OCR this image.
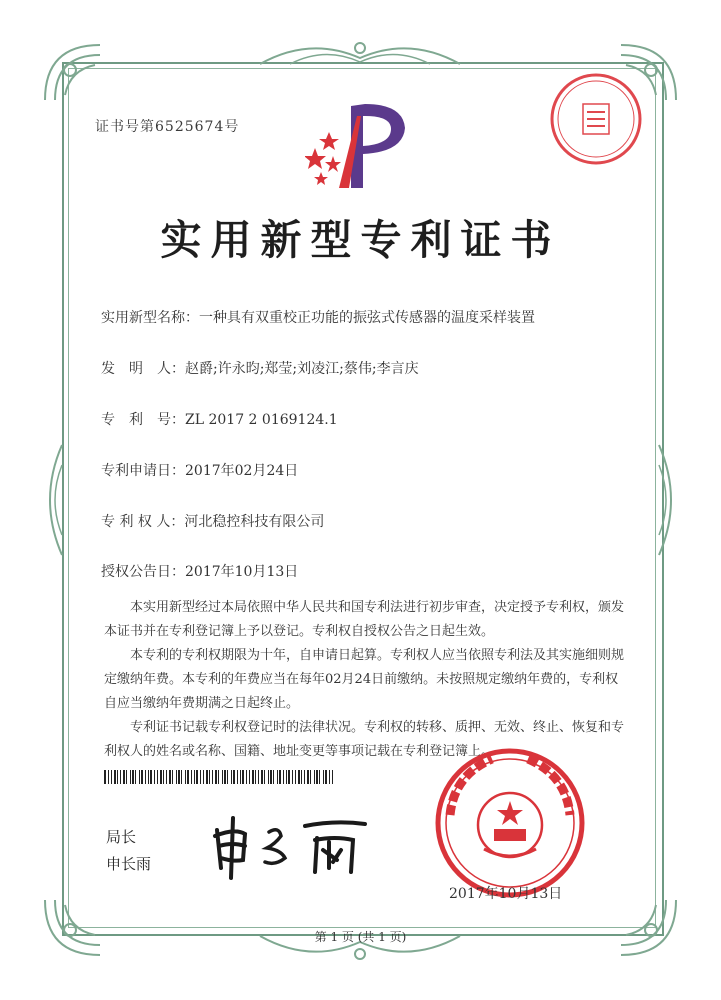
证书号第6525674号
实用新型专利证书
实用新型名称：一种具有双重校正功能的振弦式传感器的温度采样装置
发　明　人：赵爵;许永昀;郑莹;刘凌江;蔡伟;李言庆
专　利　号：ZL 2017 2 0169124.1
专利申请日：2017年02月24日
专 利 权 人：河北稳控科技有限公司
授权公告日：2017年10月13日

本实用新型经过本局依照中华人民共和国专利法进行初步审查，决定授予专利权，颁发本证书并在专利登记簿上予以登记。专利权自授权公告之日起生效。

本专利的专利权期限为十年，自申请日起算。专利权人应当依照专利法及其实施细则规定缴纳年费。本专利的年费应当在每年02月24日前缴纳。未按照规定缴纳年费的，专利权自应当缴纳年费期满之日起终止。

专利证书记载专利权登记时的法律状况。专利权的转移、质押、无效、终止、恢复和专利权人的姓名或名称、国籍、地址变更等事项记载在专利登记簿上。

局长
申长雨
2017年10月13日
第 1 页 (共 1 页)
